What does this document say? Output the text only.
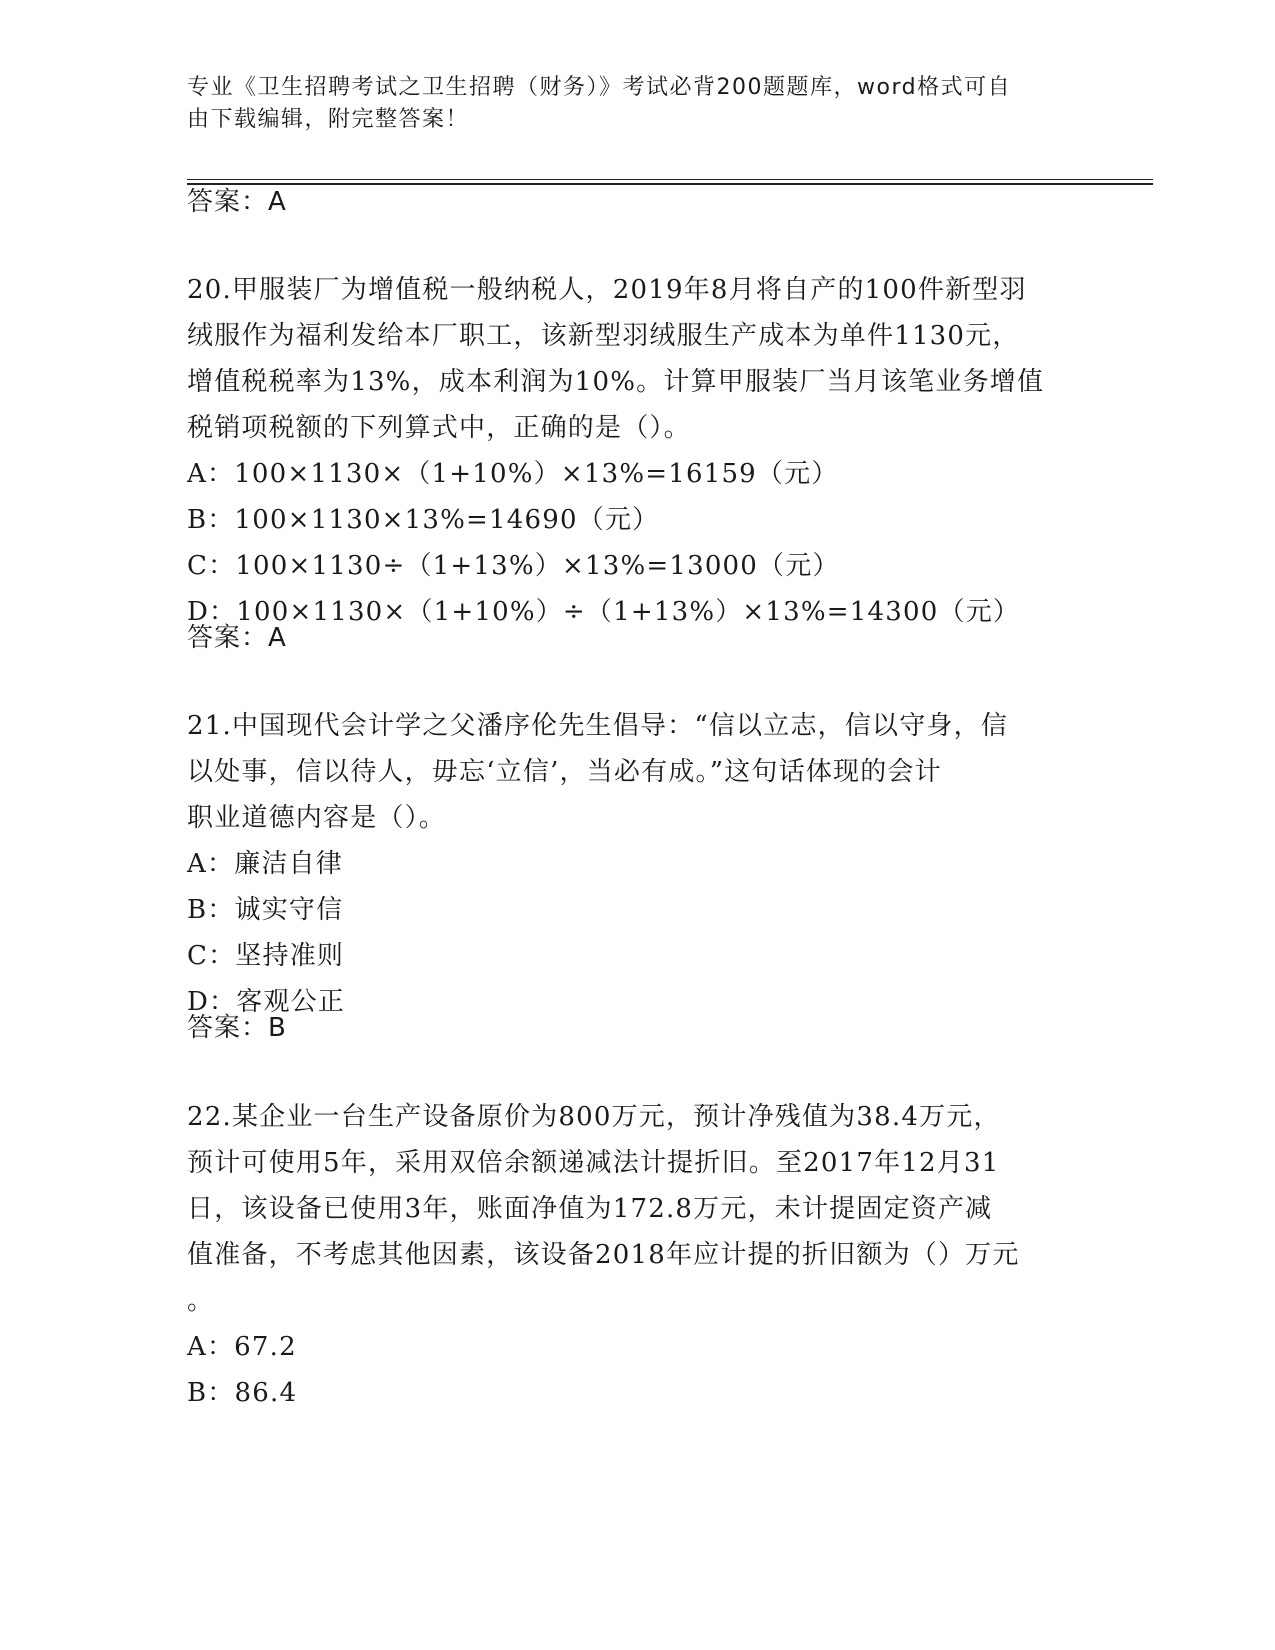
专业《卫生招聘考试之卫生招聘（财务）》考试必背200题题库，word格式可自
由下载编辑，附完整答案！
答案：A
20.甲服装厂为增值税一般纳税人，2019年8月将自产的100件新型羽
绒服作为福利发给本厂职工，该新型羽绒服生产成本为单件1130元，
增值税税率为13%，成本利润为10%。计算甲服装厂当月该笔业务增值
税销项税额的下列算式中，正确的是（）。
A：100×1130×（1+10%）×13%=16159（元）
B：100×1130×13%=14690（元）
C：100×1130÷（1+13%）×13%=13000（元）
D：100×1130×（1+10%）÷（1+13%）×13%=14300（元）
答案：A
21.中国现代会计学之父潘序伦先生倡导：“信以立志，信以守身，信
以处事，信以待人，毋忘‘立信’，当必有成。”这句话体现的会计
职业道德内容是（）。
A：廉洁自律
B：诚实守信
C：坚持准则
D：客观公正
答案：B
22.某企业一台生产设备原价为800万元，预计净残值为38.4万元，
预计可使用5年，采用双倍余额递减法计提折旧。至2017年12月31
日，该设备已使用3年，账面净值为172.8万元，未计提固定资产减
值准备，不考虑其他因素，该设备2018年应计提的折旧额为（）万元
。
A：67.2
B：86.4
